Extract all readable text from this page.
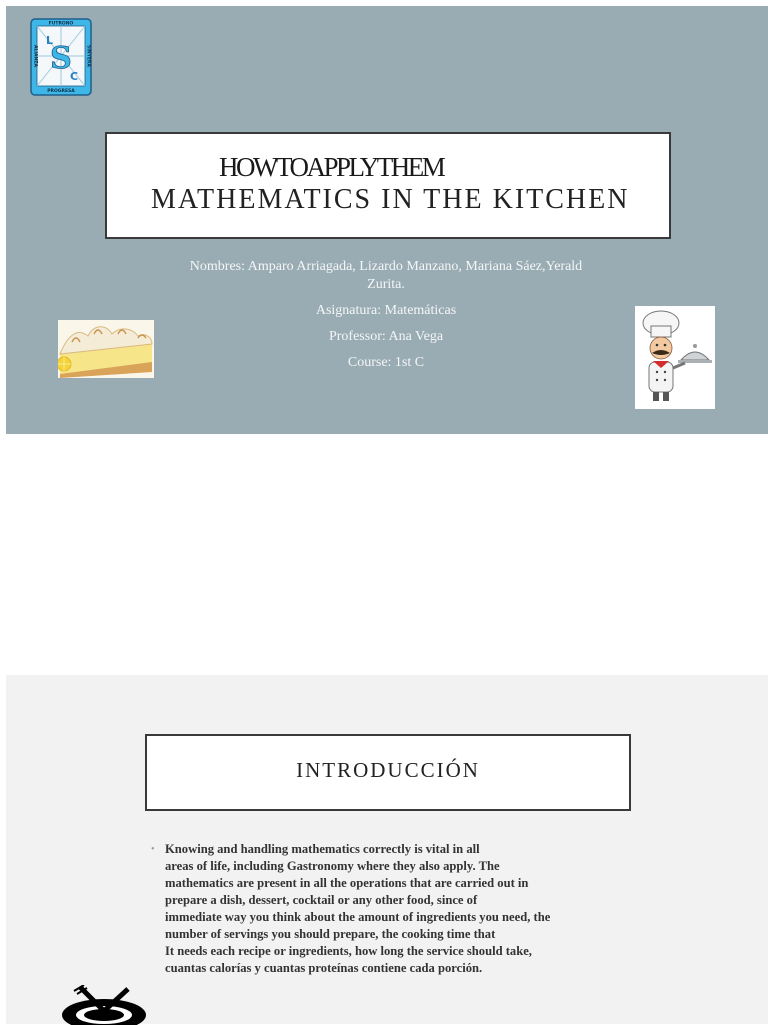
FUTRONO
PROGRESA
ALIANZA	SINYERA
L
S
C
HOWTOAPPLYTHEM
MATHEMATICS IN THE KITCHEN

Nombres: Amparo Arriagada, Lizardo Manzano, Mariana Sáez,Yerald

Zurita.

Asignatura: Matemáticas

Professor: Ana Vega

Course: 1st C

INTRODUCCIÓN
• Knowing and handling mathematics correctly is vital in all
areas of life, including Gastronomy where they also apply. The
mathematics are present in all the operations that are carried out in
prepare a dish, dessert, cocktail or any other food, since of
immediate way you think about the amount of ingredients you need, the
number of servings you should prepare, the cooking time that
It needs each recipe or ingredients, how long the service should take,
cuantas calorías y cuantas proteínas contiene cada porción.
